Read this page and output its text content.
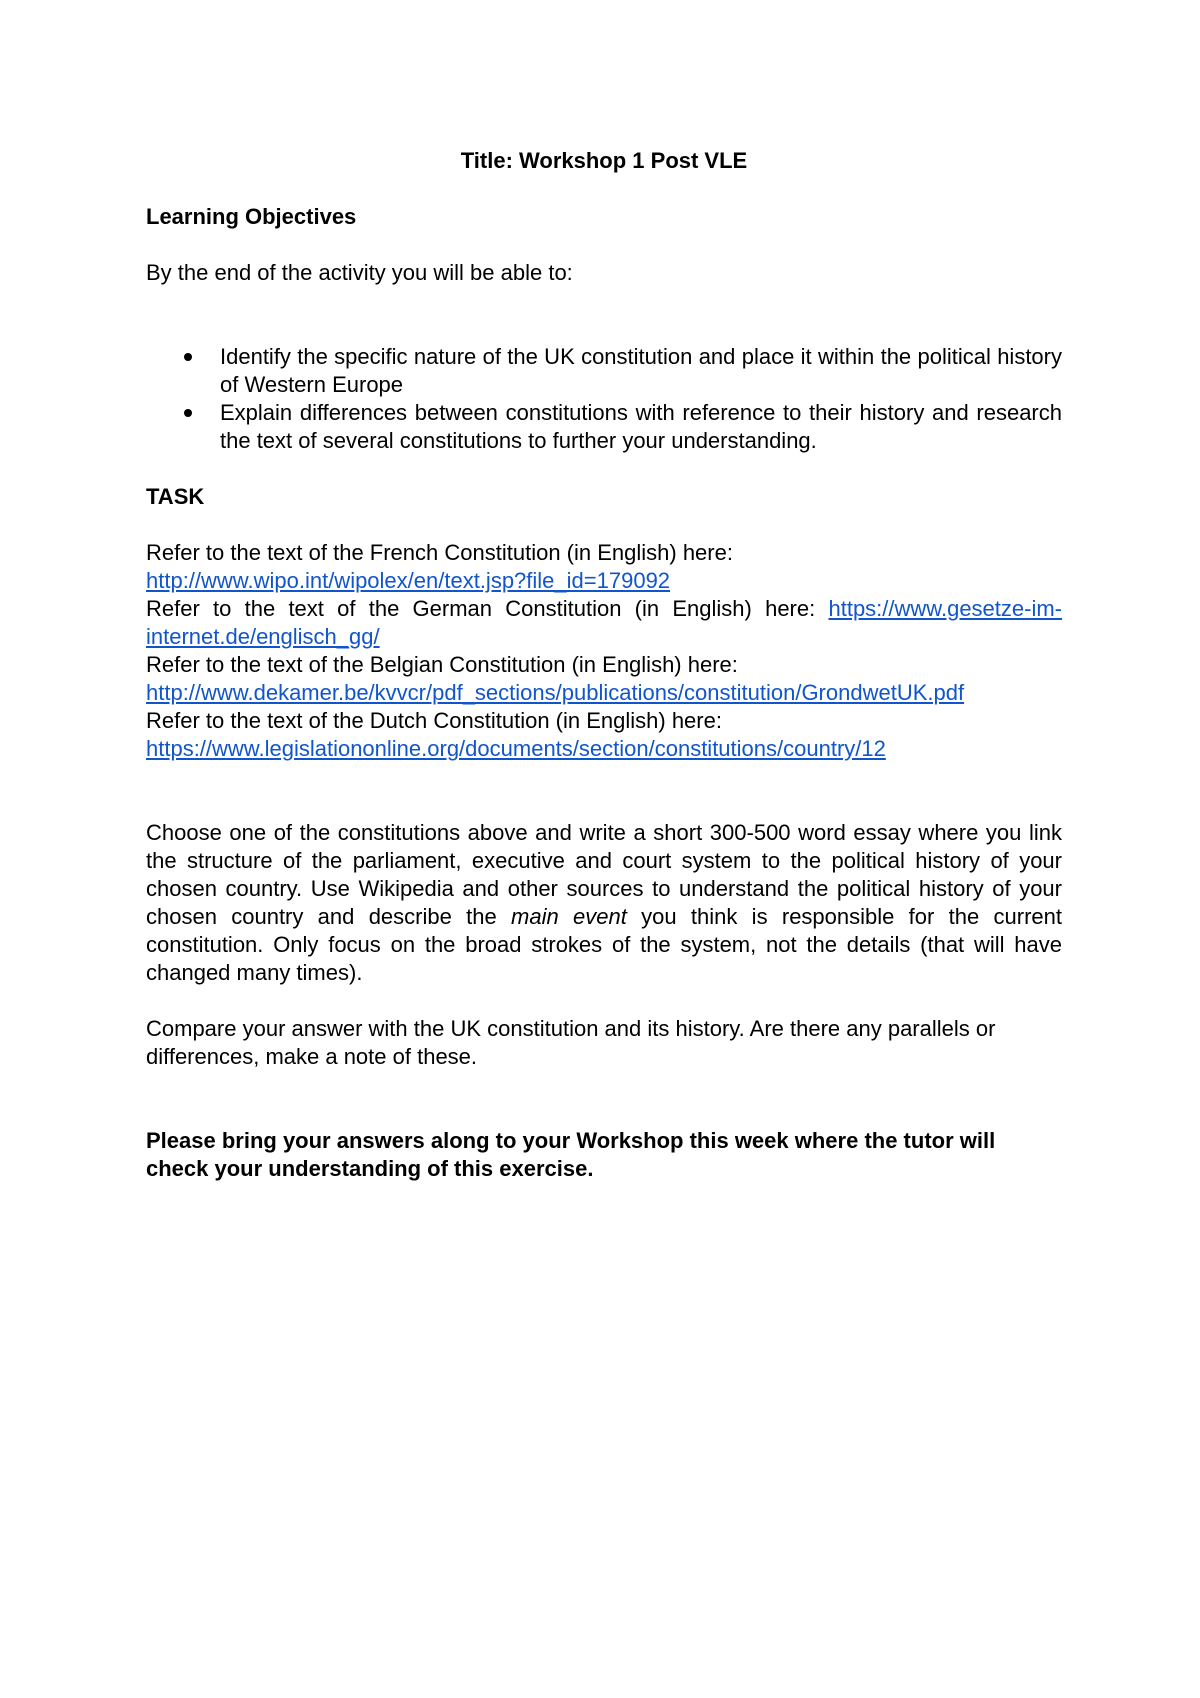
Title: Workshop 1 Post VLE

Learning Objectives

By the end of the activity you will be able to:

Identify the specific nature of the UK constitution and place it within the political history of Western Europe
Explain differences between constitutions with reference to their history and research the text of several constitutions to further your understanding.

TASK

Refer to the text of the French Constitution (in English) here:
http://www.wipo.int/wipolex/en/text.jsp?file_id=179092

Refer to the text of the German Constitution (in English) here: https://www.gesetze-im-internet.de/englisch_gg/

Refer to the text of the Belgian Constitution (in English) here:
http://www.dekamer.be/kvvcr/pdf_sections/publications/constitution/GrondwetUK.pdf

Refer to the text of the Dutch Constitution (in English) here:
https://www.legislationonline.org/documents/section/constitutions/country/12

Choose one of the constitutions above and write a short 300-500 word essay where you link the structure of the parliament, executive and court system to the political history of your chosen country. Use Wikipedia and other sources to understand the political history of your chosen country and describe the main event you think is responsible for the current constitution. Only focus on the broad strokes of the system, not the details (that will have changed many times).

Compare your answer with the UK constitution and its history. Are there any parallels or differences, make a note of these.

Please bring your answers along to your Workshop this week where the tutor will check your understanding of this exercise.
